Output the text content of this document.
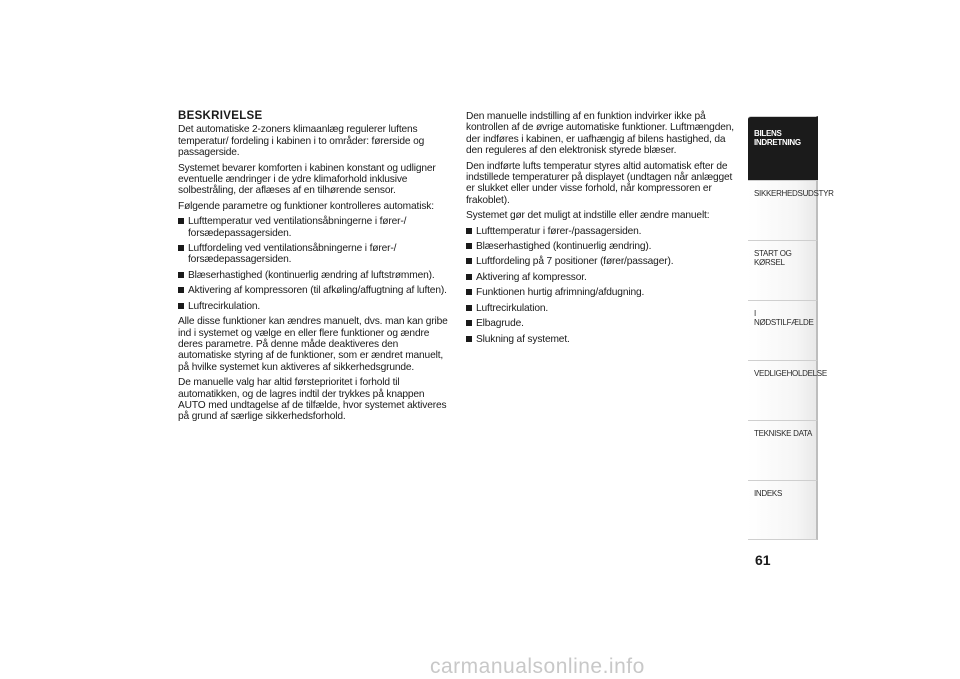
BESKRIVELSE

Det automatiske 2-zoners klimaanlæg regulerer luftens temperatur/ fordeling i kabinen i to områder: førerside og passagerside.

Systemet bevarer komforten i kabinen konstant og udligner eventuelle ændringer i de ydre klimaforhold inklusive solbestråling, der aflæses af en tilhørende sensor.

Følgende parametre og funktioner kontrolleres automatisk:

Lufttemperatur ved ventilationsåbningerne i fører-/ forsædepassagersiden.
Luftfordeling ved ventilationsåbningerne i fører-/ forsædepassagersiden.
Blæserhastighed (kontinuerlig ændring af luftstrømmen).
Aktivering af kompressoren (til afkøling/affugtning af luften).
Luftrecirkulation.

Alle disse funktioner kan ændres manuelt, dvs. man kan gribe ind i systemet og vælge en eller flere funktioner og ændre deres parametre. På denne måde deaktiveres den automatiske styring af de funktioner, som er ændret manuelt, på hvilke systemet kun aktiveres af sikkerhedsgrunde.

De manuelle valg har altid førsteprioritet i forhold til automatikken, og de lagres indtil der trykkes på knappen AUTO med undtagelse af de tilfælde, hvor systemet aktiveres på grund af særlige sikkerhedsforhold.

Den manuelle indstilling af en funktion indvirker ikke på kontrollen af de øvrige automatiske funktioner. Luftmængden, der indføres i kabinen, er uafhængig af bilens hastighed, da den reguleres af den elektronisk styrede blæser.

Den indførte lufts temperatur styres altid automatisk efter de indstillede temperaturer på displayet (undtagen når anlægget er slukket eller under visse forhold, når kompressoren er frakoblet).

Systemet gør det muligt at indstille eller ændre manuelt:

Lufttemperatur i fører-/passagersiden.
Blæserhastighed (kontinuerlig ændring).
Luftfordeling på 7 positioner (fører/passager).
Aktivering af kompressor.
Funktionen hurtig afrimning/afdugning.
Luftrecirkulation.
Elbagrude.
Slukning af systemet.
BILENS INDRETNING
SIKKERHEDSUDSTYR
START OG KØRSEL
I NØDSTILFÆLDE
VEDLIGEHOLDELSE
TEKNISKE DATA
INDEKS
61
carmanualsonline.info
